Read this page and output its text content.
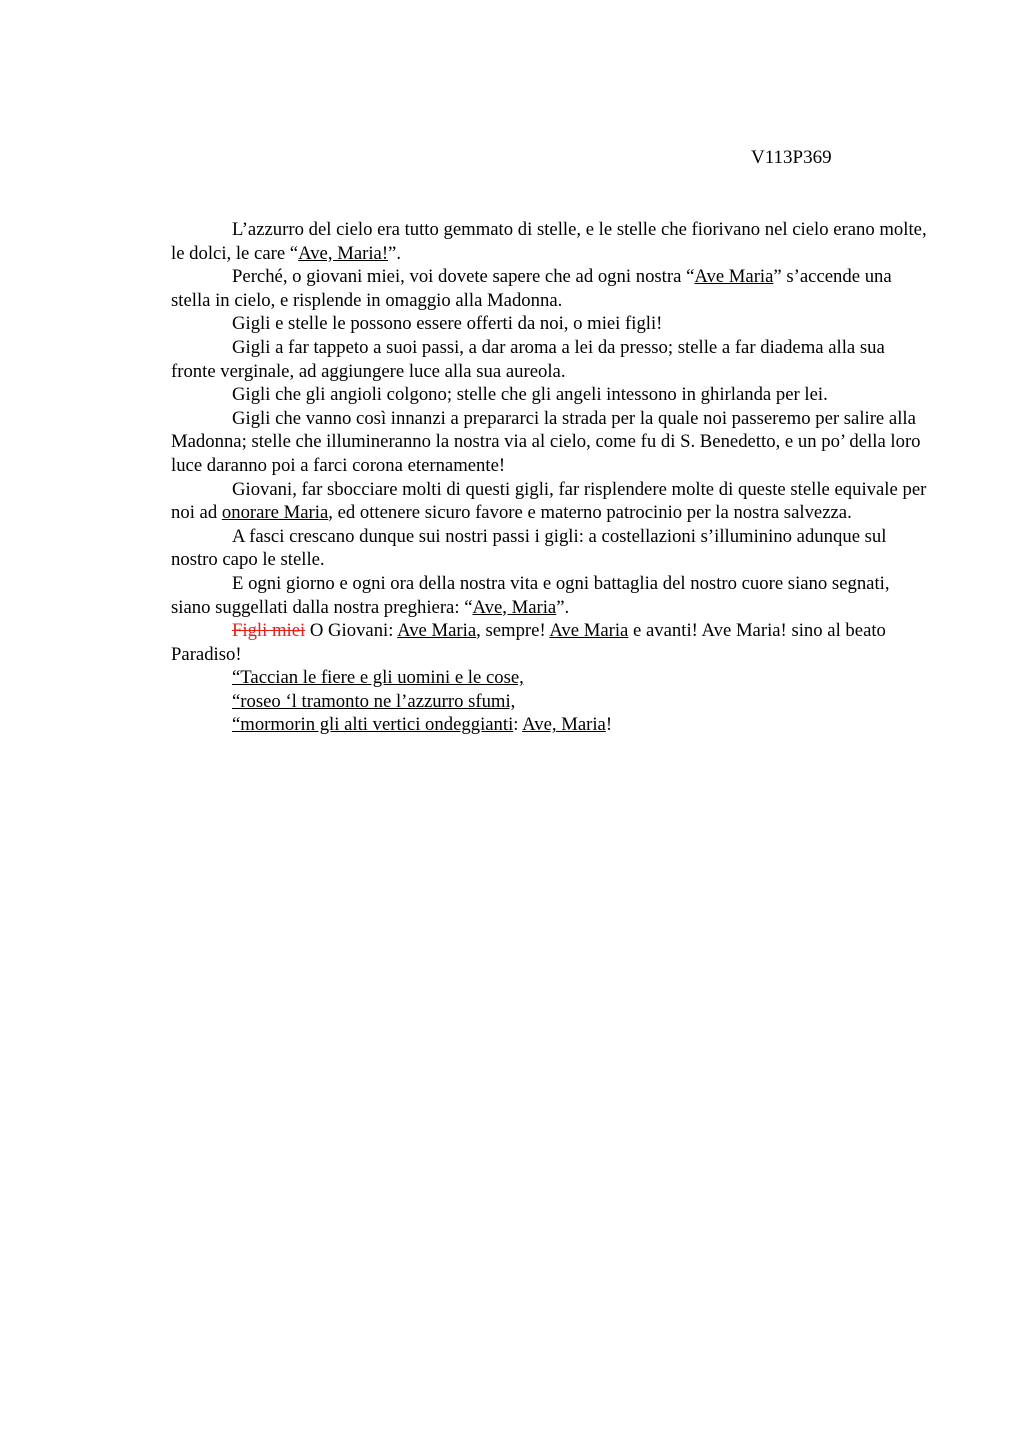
V113P369

L’azzurro del cielo era tutto gemmato di stelle, e le stelle che fiorivano nel cielo erano molte, le dolci, le care “Ave, Maria!”.

Perché, o giovani miei, voi dovete sapere che ad ogni nostra “Ave Maria” s’accende una stella in cielo, e risplende in omaggio alla Madonna.

Gigli e stelle le possono essere offerti da noi, o miei figli!

Gigli a far tappeto a suoi passi, a dar aroma a lei da presso; stelle a far diadema alla sua fronte verginale, ad aggiungere luce alla sua aureola.

Gigli che gli angioli colgono; stelle che gli angeli intessono in ghirlanda per lei.

Gigli che vanno così innanzi a prepararci la strada per la quale noi passeremo per salire alla Madonna; stelle che illumineranno la nostra via al cielo, come fu di S. Benedetto, e un po’ della loro luce daranno poi a farci corona eternamente!

Giovani, far sbocciare molti di questi gigli, far risplendere molte di queste stelle equivale per noi ad onorare Maria, ed ottenere sicuro favore e materno patrocinio per la nostra salvezza.

A fasci crescano dunque sui nostri passi i gigli: a costellazioni s’illuminino adunque sul nostro capo le stelle.

E ogni giorno e ogni ora della nostra vita e ogni battaglia del nostro cuore siano segnati, siano suggellati dalla nostra preghiera: “Ave, Maria”.

Figli miei O Giovani: Ave Maria, sempre! Ave Maria e avanti! Ave Maria! sino al beato Paradiso!

“Taccian le fiere e gli uomini e le cose,

“roseo ‘l tramonto ne l’azzurro sfumi,

“mormorin gli alti vertici ondeggianti: Ave, Maria!
